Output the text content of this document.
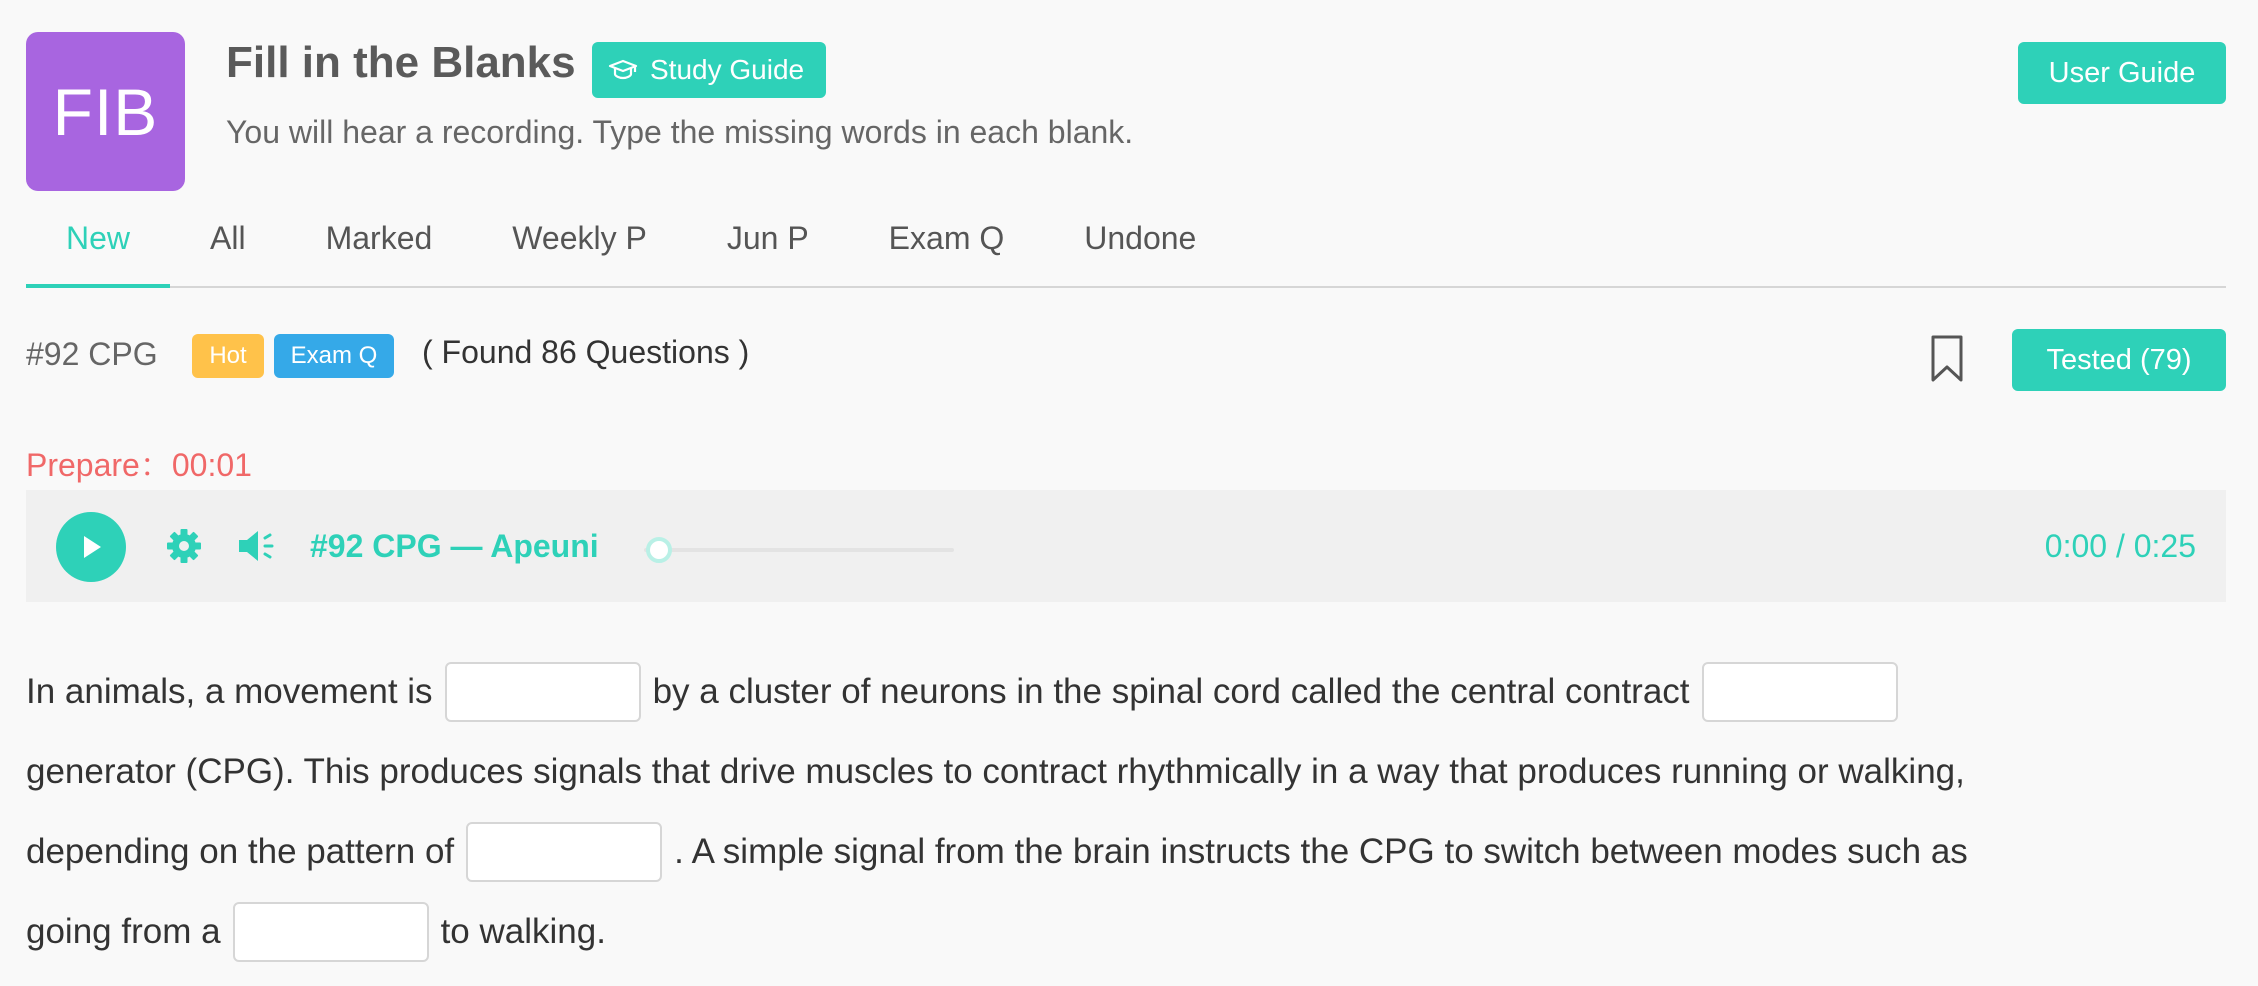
FIB
Fill in the Blanks	Study Guide
You will hear a recording. Type the missing words in each blank.
User Guide
New	All	Marked	Weekly P	Jun P	Exam Q	Undone
#92 CPG	Hot	Exam Q	( Found 86 Questions )	Tested (79)
Prepare：00:01
#92 CPG — Apeuni	0:00 / 0:25
In animals, a movement is	by a cluster of neurons in the spinal cord called the central contract
generator (CPG). This produces signals that drive muscles to contract rhythmically in a way that produces running or walking,
depending on the pattern of	. A simple signal from the brain instructs the CPG to switch between modes such as
going from a	to walking.
